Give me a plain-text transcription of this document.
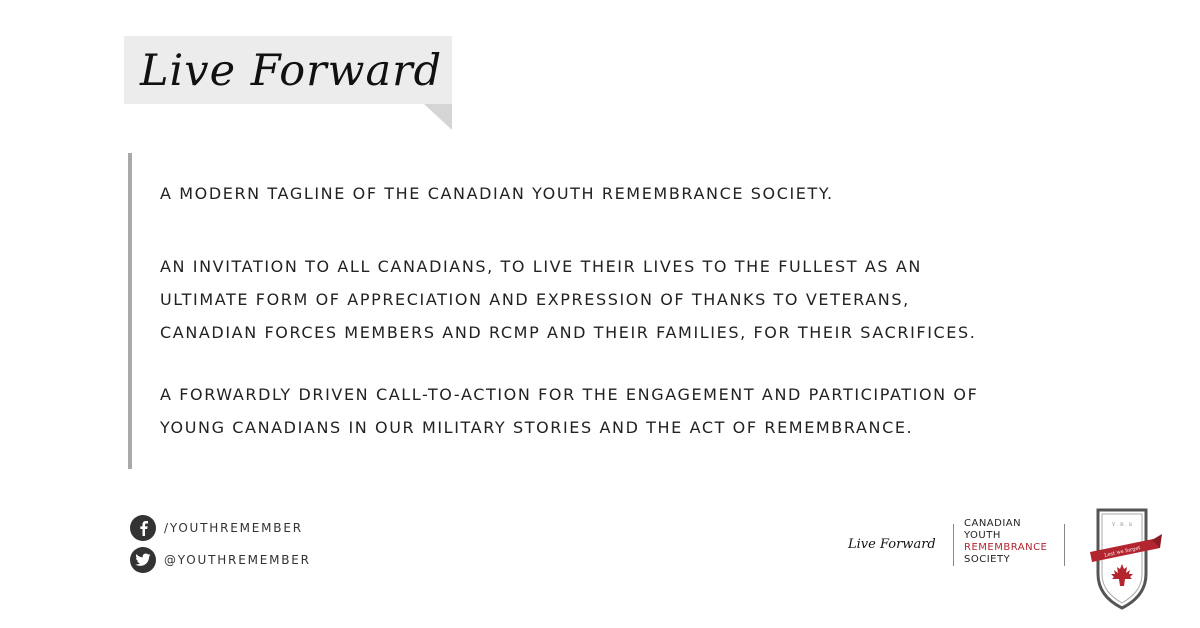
Live Forward
A MODERN TAGLINE OF THE CANADIAN YOUTH REMEMBRANCE SOCIETY.
AN INVITATION TO ALL CANADIANS, TO LIVE THEIR LIVES TO THE FULLEST AS AN
ULTIMATE FORM OF APPRECIATION AND EXPRESSION OF THANKS TO VETERANS,
CANADIAN FORCES MEMBERS AND RCMP AND THEIR FAMILIES, FOR THEIR SACRIFICES.
A FORWARDLY DRIVEN CALL-TO-ACTION FOR THE ENGAGEMENT AND PARTICIPATION OF
YOUNG CANADIANS IN OUR MILITARY STORIES AND THE ACT OF REMEMBRANCE.
/YOUTHREMEMBER
@YOUTHREMEMBER
Live Forward
CANADIAN
YOUTH
REMEMBRANCE
SOCIETY
Y . R . S
Lest we forget
